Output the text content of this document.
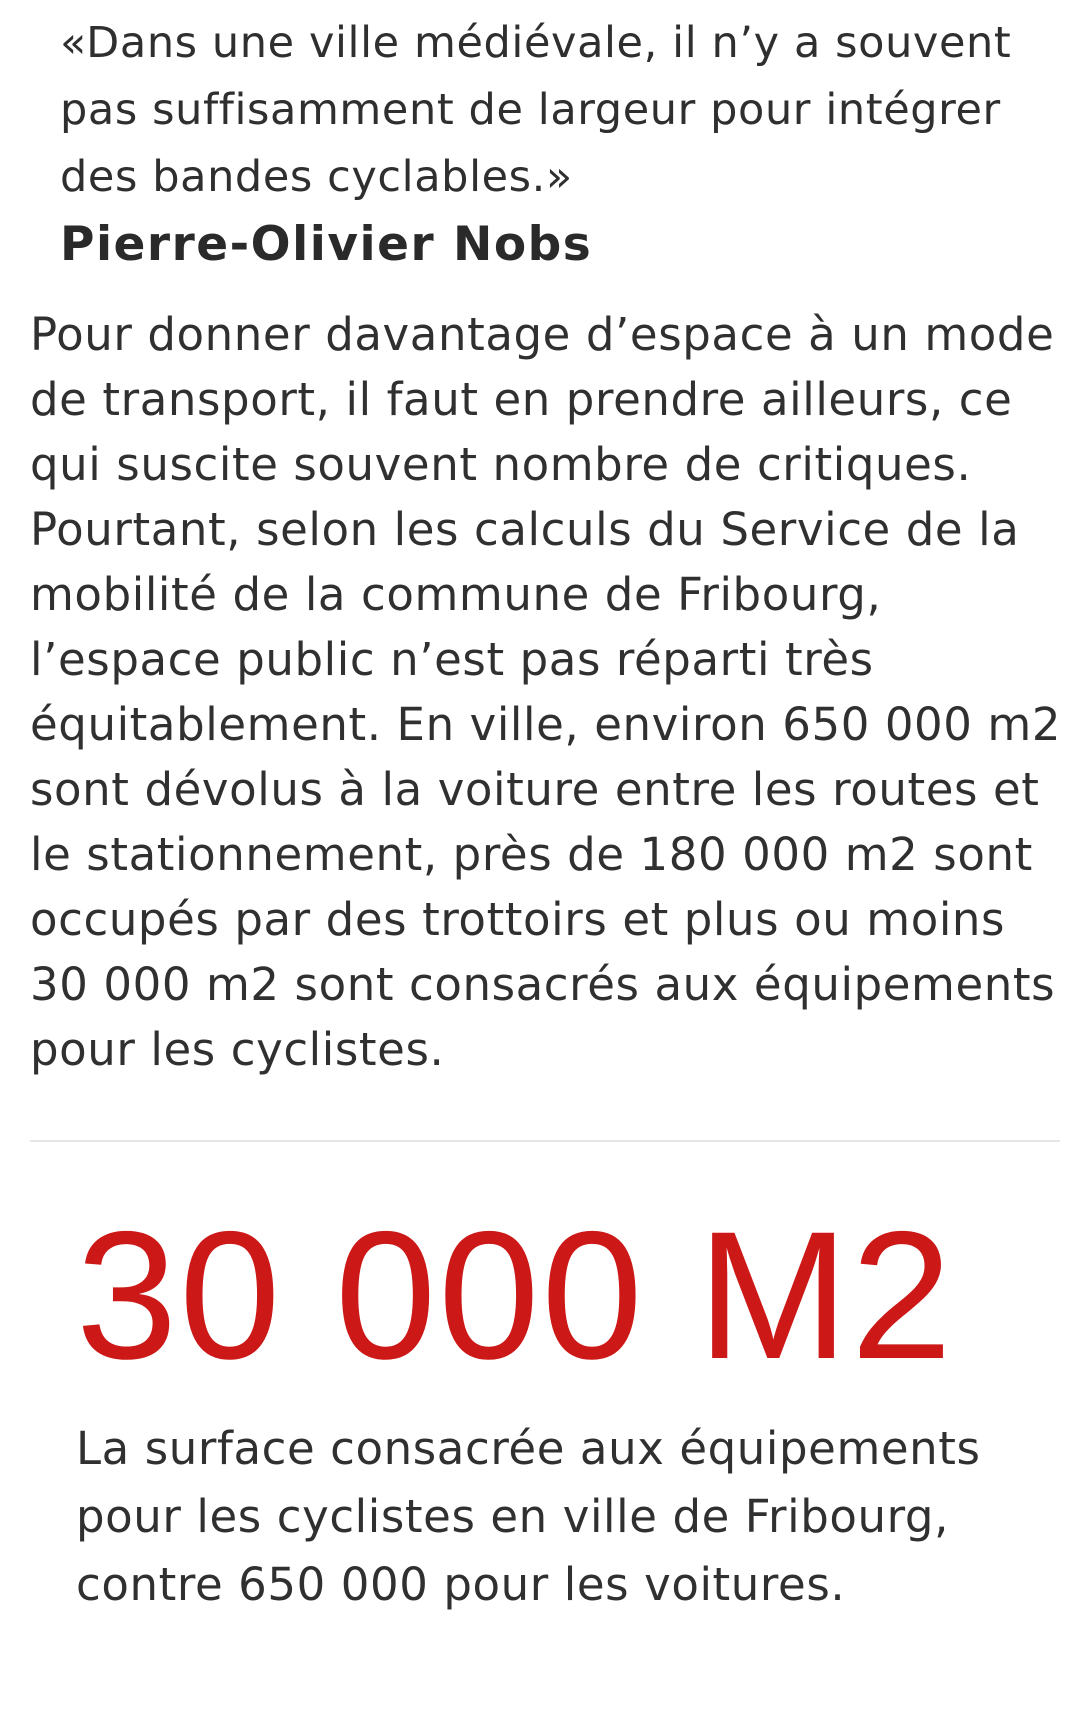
«Dans une ville médiévale, il n’y a souvent pas suffisamment de largeur pour intégrer des bandes cyclables.»

Pierre-Olivier Nobs

Pour donner davantage d’espace à un mode de transport, il faut en prendre ailleurs, ce qui suscite souvent nombre de critiques. Pourtant, selon les calculs du Service de la mobilité de la commune de Fribourg, l’espace public n’est pas réparti très équitablement. En ville, environ 650 000 m2 sont dévolus à la voiture entre les routes et le stationnement, près de 180 000 m2 sont occupés par des trottoirs et plus ou moins 30 000 m2 sont consacrés aux équipements pour les cyclistes.

30 000 M2

La surface consacrée aux équipements pour les cyclistes en ville de Fribourg, contre 650 000 pour les voitures.
